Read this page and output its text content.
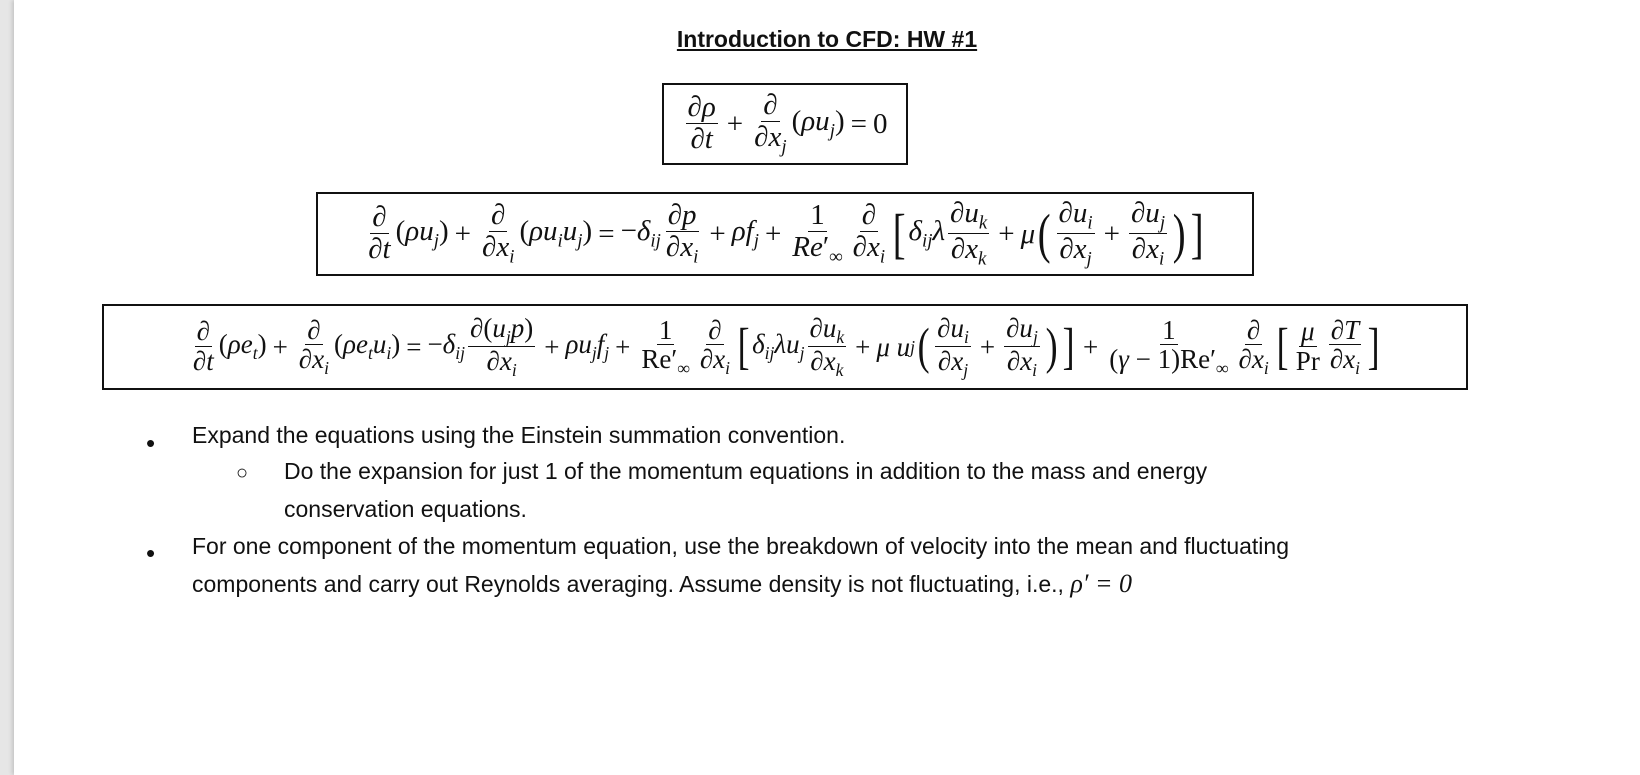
Introduction to CFD: HW #1
$\frac{\partial\rho}{\partial t} + \frac{\partial}{\partial x_j} (\rho u_j) = 0$
$\frac{\partial}{\partial t} (\rho u_j) + \frac{\partial}{\partial x_i} (\rho u_iu_j) = -\delta_{ij} \frac{\partial p}{\partial x_i} + \rho f_j + \frac{1}{Re'_\infty} \frac{\partial}{\partial x_i}$ [ $\delta_{ij}\lambda \frac{\partial u_k}{\partial x_k} + \mu$ ( $\frac{\partial u_i}{\partial x_j} + \frac{\partial u_j}{\partial x_i}$ ) ]
$\frac{\partial}{\partial t} (\rho e_t) + \frac{\partial}{\partial x_i} (\rho e_tu_i) = -\delta_{ij} \frac{\partial(u_jp)}{\partial x_i} + \rho u_jf_j + \frac{1}{Re'_\infty} \frac{\partial}{\partial x_i}$ [ $\delta_{ij}\lambda u_j \frac{\partial u_k}{\partial x_k} + \mu$ u j ( $\frac{\partial u_i}{\partial x_j} + \frac{\partial u_j}{\partial x_i}$ ) ] + $\frac{1}{(\gamma - 1)Re'_\infty} \frac{\partial}{\partial x_i}$ [ $\frac{\mu}{Pr} \frac{\partial T}{\partial x_i}$ ]
• Expand the equations using the Einstein summation convention.
○ Do the expansion for just 1 of the momentum equations in addition to the mass and energy
conservation equations.
• For one component of the momentum equation, use the breakdown of velocity into the mean and fluctuating
components and carry out Reynolds averaging. Assume density is not fluctuating, i.e., ρ′ = 0
